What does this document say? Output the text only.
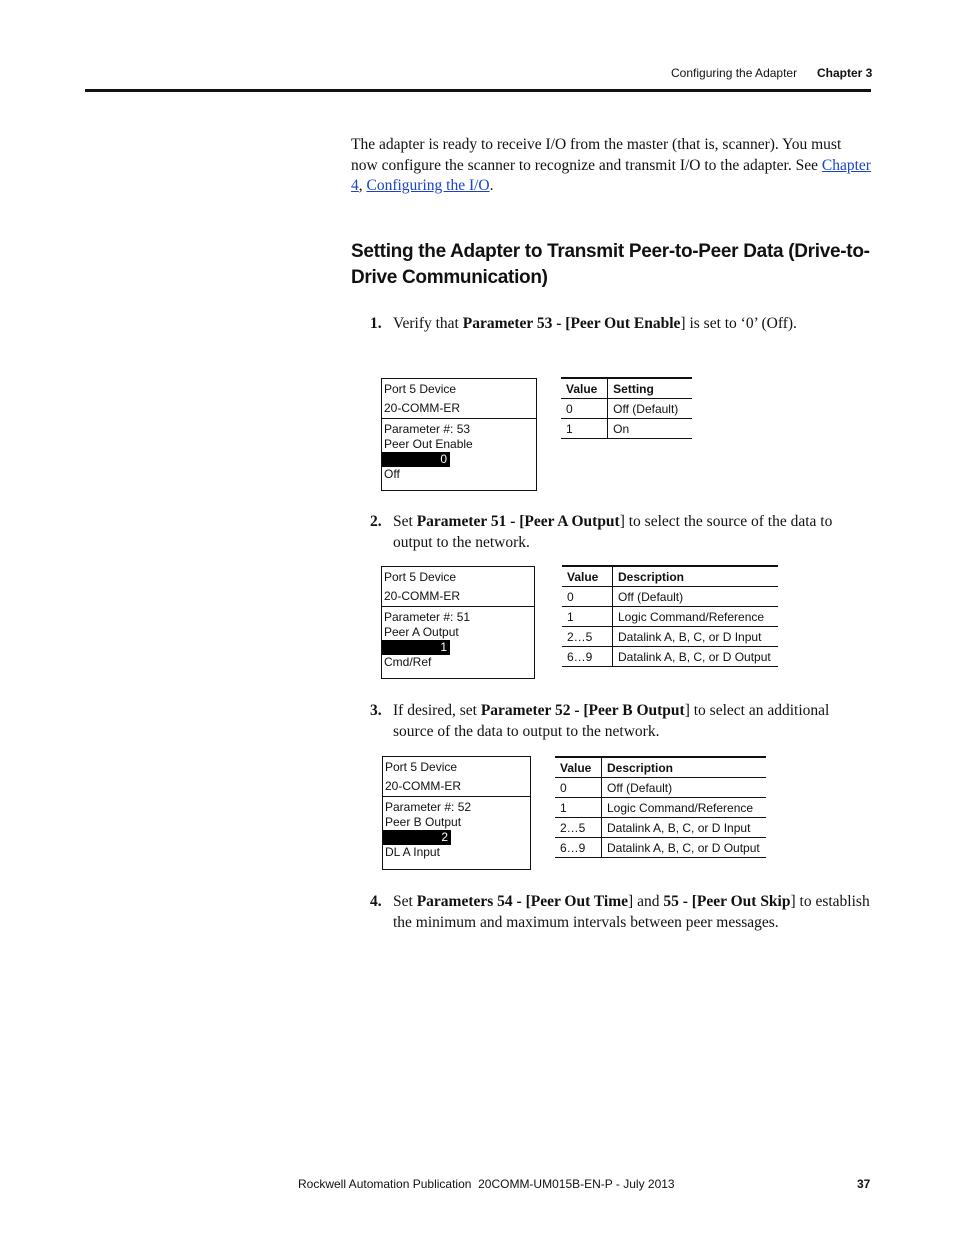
Configuring the Adapter Chapter 3
The adapter is ready to receive I/O from the master (that is, scanner). You must now configure the scanner to recognize and transmit I/O to the adapter. See Chapter 4, Configuring the I/O.
Setting the Adapter to Transmit Peer-to-Peer Data (Drive-to-Drive Communication)
1. Verify that Parameter 53 - [Peer Out Enable] is set to ‘0’ (Off).
Port 5 Device
20-COMM-ER
Parameter #: 53
Peer Out Enable
0
Off
Value	Setting
0	Off (Default)
1	On
2. Set Parameter 51 - [Peer A Output] to select the source of the data to output to the network.
Port 5 Device
20-COMM-ER
Parameter #: 51
Peer A Output
1
Cmd/Ref
Value	Description
0	Off (Default)
1	Logic Command/Reference
2…5	Datalink A, B, C, or D Input
6…9	Datalink A, B, C, or D Output
3. If desired, set Parameter 52 - [Peer B Output] to select an additional source of the data to output to the network.
Port 5 Device
20-COMM-ER
Parameter #: 52
Peer B Output
2
DL A Input
Value	Description
0	Off (Default)
1	Logic Command/Reference
2…5	Datalink A, B, C, or D Input
6…9	Datalink A, B, C, or D Output
4. Set Parameters 54 - [Peer Out Time] and 55 - [Peer Out Skip] to establish the minimum and maximum intervals between peer messages.
Rockwell Automation Publication  20COMM-UM015B-EN-P - July 2013	37
